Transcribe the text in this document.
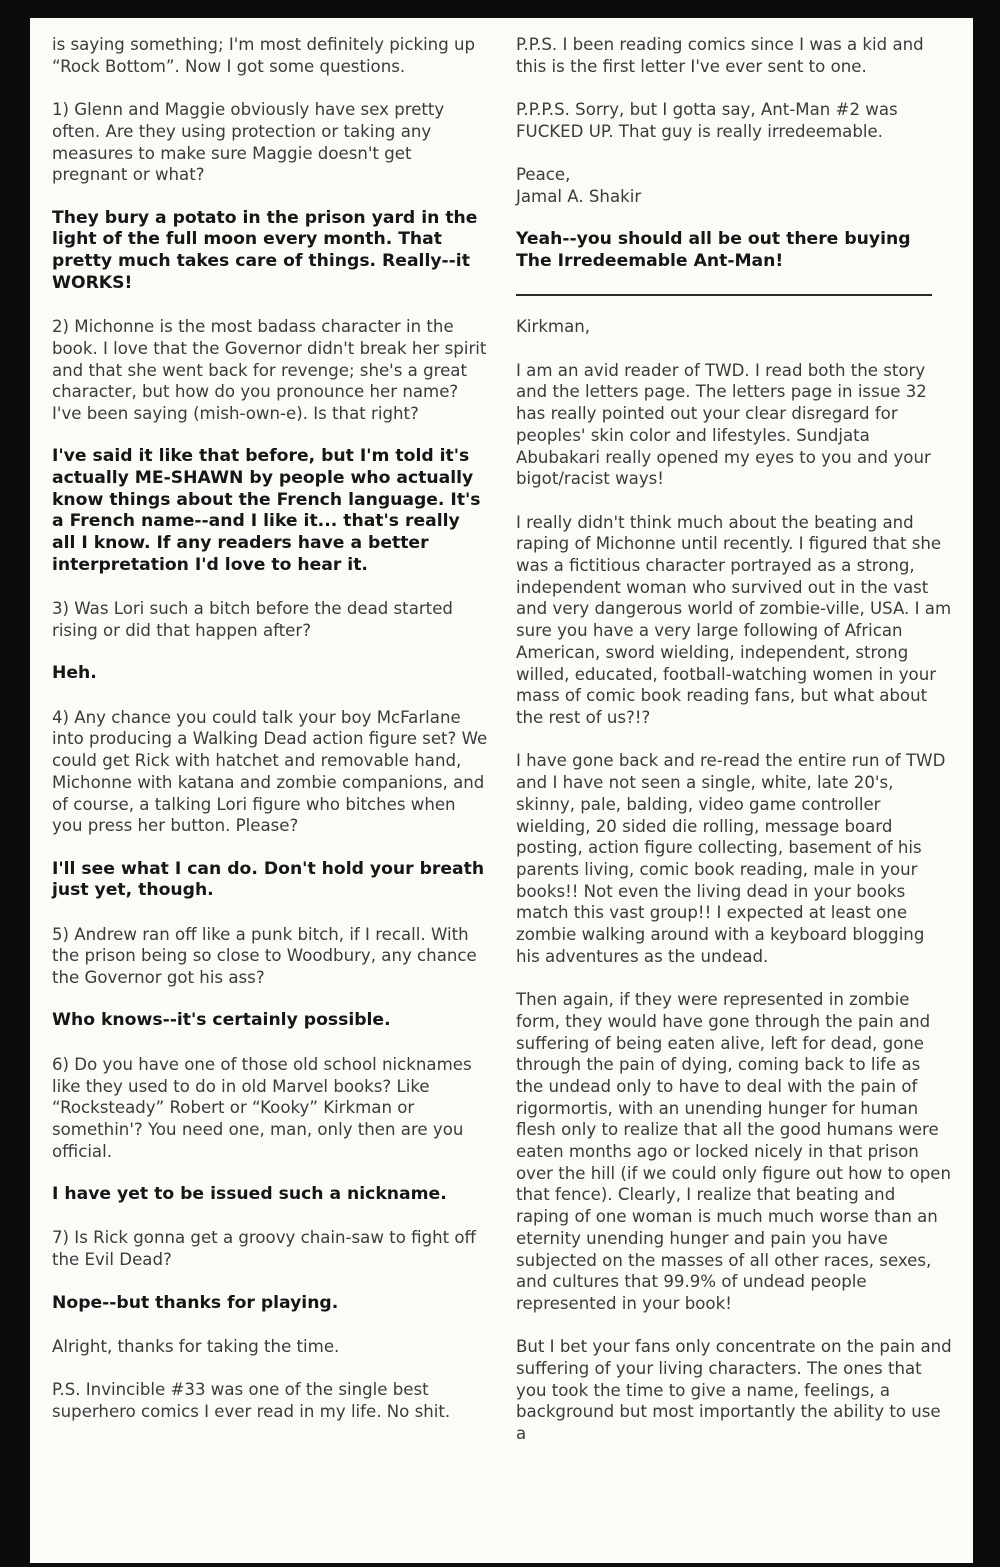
is saying something; I'm most definitely picking up “Rock Bottom”. Now I got some questions.

1) Glenn and Maggie obviously have sex pretty often. Are they using protection or taking any measures to make sure Maggie doesn't get pregnant or what?

They bury a potato in the prison yard in the light of the full moon every month. That pretty much takes care of things. Really--it WORKS!

2) Michonne is the most badass character in the book. I love that the Governor didn't break her spirit and that she went back for revenge; she's a great character, but how do you pronounce her name? I've been saying (mish-own-e). Is that right?

I've said it like that before, but I'm told it's actually ME-SHAWN by people who actually know things about the French language. It's a French name--and I like it... that's really all I know. If any readers have a better interpretation I'd love to hear it.

3) Was Lori such a bitch before the dead started rising or did that happen after?

Heh.

4) Any chance you could talk your boy McFarlane into producing a Walking Dead action figure set? We could get Rick with hatchet and removable hand, Michonne with katana and zombie companions, and of course, a talking Lori figure who bitches when you press her button. Please?

I'll see what I can do. Don't hold your breath just yet, though.

5) Andrew ran off like a punk bitch, if I recall. With the prison being so close to Woodbury, any chance the Governor got his ass?

Who knows--it's certainly possible.

6) Do you have one of those old school nicknames like they used to do in old Marvel books? Like “Rocksteady” Robert or “Kooky” Kirkman or somethin'? You need one, man, only then are you official.

I have yet to be issued such a nickname.

7) Is Rick gonna get a groovy chain-saw to fight off the Evil Dead?

Nope--but thanks for playing.

Alright, thanks for taking the time.

P.S. Invincible #33 was one of the single best superhero comics I ever read in my life. No shit.

P.P.S. I been reading comics since I was a kid and this is the first letter I've ever sent to one.

P.P.P.S. Sorry, but I gotta say, Ant-Man #2 was FUCKED UP. That guy is really irredeemable.

Peace,

Jamal A. Shakir

Yeah--you should all be out there buying The Irredeemable Ant-Man!

Kirkman,

I am an avid reader of TWD. I read both the story and the letters page. The letters page in issue 32 has really pointed out your clear disregard for peoples' skin color and lifestyles. Sundjata Abubakari really opened my eyes to you and your bigot/racist ways!

I really didn't think much about the beating and raping of Michonne until recently. I figured that she was a fictitious character portrayed as a strong, independent woman who survived out in the vast and very dangerous world of zombie-ville, USA. I am sure you have a very large following of African American, sword wielding, independent, strong willed, educated, football-watching women in your mass of comic book reading fans, but what about the rest of us?!?

I have gone back and re-read the entire run of TWD and I have not seen a single, white, late 20's, skinny, pale, balding, video game controller wielding, 20 sided die rolling, message board posting, action figure collecting, basement of his parents living, comic book reading, male in your books!! Not even the living dead in your books match this vast group!! I expected at least one zombie walking around with a keyboard blogging his adventures as the undead.

Then again, if they were represented in zombie form, they would have gone through the pain and suffering of being eaten alive, left for dead, gone through the pain of dying, coming back to life as the undead only to have to deal with the pain of rigormortis, with an unending hunger for human flesh only to realize that all the good humans were eaten months ago or locked nicely in that prison over the hill (if we could only figure out how to open that fence). Clearly, I realize that beating and raping of one woman is much much worse than an eternity unending hunger and pain you have subjected on the masses of all other races, sexes, and cultures that 99.9% of undead people represented in your book!

But I bet your fans only concentrate on the pain and suffering of your living characters. The ones that you took the time to give a name, feelings, a background but most importantly the ability to use a
